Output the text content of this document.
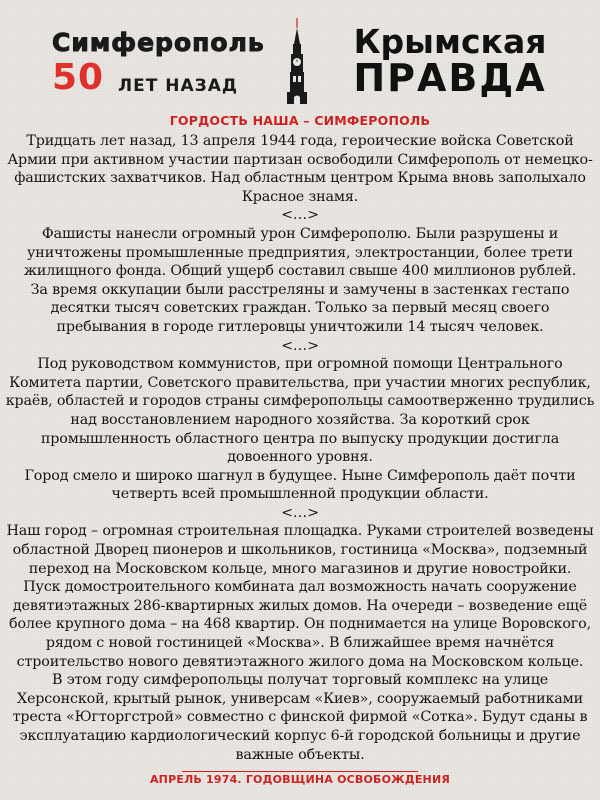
Симферополь
50 ЛЕТ НАЗАД
Крымская
ПРАВДА
ГОРДОСТЬ НАША – СИМФЕРОПОЛЬ

Тридцать лет назад, 13 апреля 1944 года, героические войска Советской Армии при активном участии партизан освободили Симферополь от немецко-фашистских захватчиков. Над областным центром Крыма вновь заполыхало Красное знамя.

<…>

Фашисты нанесли огромный урон Симферополю. Были разрушены и уничтожены промышленные предприятия, электростанции, более трети жилищного фонда. Общий ущерб составил свыше 400 миллионов рублей.

За время оккупации были расстреляны и замучены в застенках гестапо десятки тысяч советских граждан. Только за первый месяц своего пребывания в городе гитлеровцы уничтожили 14 тысяч человек.

<…>

Под руководством коммунистов, при огромной помощи Центрального Комитета партии, Советского правительства, при участии многих республик, краёв, областей и городов страны симферопольцы самоотверженно трудились над восстановлением народного хозяйства. За короткий срок промышленность областного центра по выпуску продукции достигла довоенного уровня.

Город смело и широко шагнул в будущее. Ныне Симферополь даёт почти четверть всей промышленной продукции области.

<…>

Наш город – огромная строительная площадка. Руками строителей возведены областной Дворец пионеров и школьников, гостиница «Москва», подземный переход на Московском кольце, много магазинов и другие новостройки.

Пуск домостроительного комбината дал возможность начать сооружение девятиэтажных 286-квартирных жилых домов. На очереди – возведение ещё более крупного дома – на 468 квартир. Он поднимается на улице Воровского, рядом с новой гостиницей «Москва». В ближайшее время начнётся строительство нового девятиэтажного жилого дома на Московском кольце.

В этом году симферопольцы получат торговый комплекс на улице Херсонской, крытый рынок, универсам «Киев», сооружаемый работниками треста «Югторгстрой» совместно с финской фирмой «Сотка». Будут сданы в эксплуатацию кардиологический корпус 6-й городской больницы и другие важные объекты.

АПРЕЛЬ 1974. ГОДОВЩИНА ОСВОБОЖДЕНИЯ
